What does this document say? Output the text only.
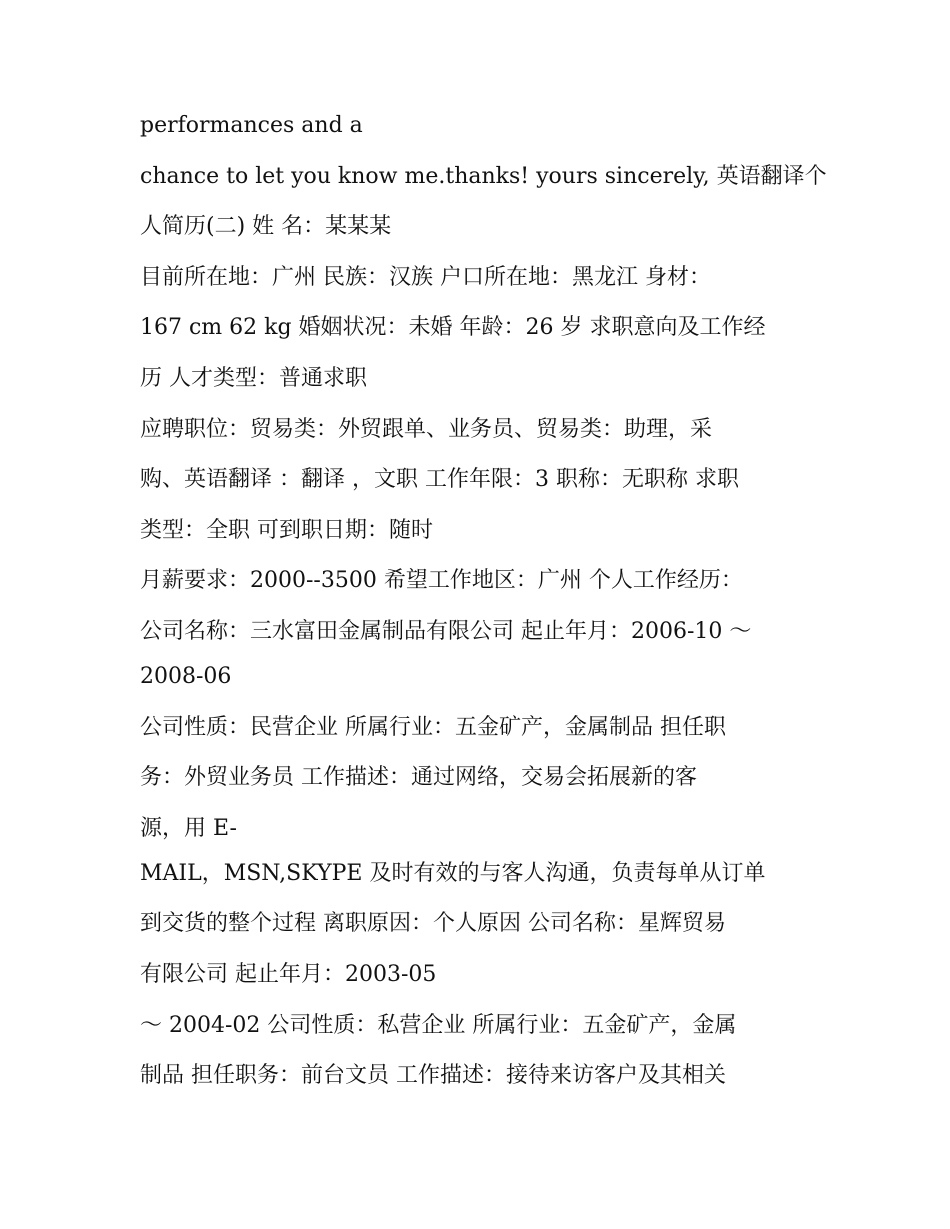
performances and a
chance to let you know me.thanks! yours sincerely, 英语翻译个
人简历(二) 姓 名：某某某
目前所在地：广州 民族：汉族 户口所在地：黑龙江 身材：
167 cm 62 kg 婚姻状况：未婚 年龄：26 岁 求职意向及工作经
历 人才类型：普通求职
应聘职位：贸易类：外贸跟单、业务员、贸易类：助理，采
购、英语翻译 ：翻译 ，文职 工作年限：3 职称：无职称 求职
类型：全职 可到职日期：随时
月薪要求：2000--3500 希望工作地区：广州 个人工作经历：
公司名称：三水富田金属制品有限公司 起止年月：2006-10 ～
2008-06
公司性质：民营企业 所属行业：五金矿产，金属制品 担任职
务：外贸业务员 工作描述：通过网络，交易会拓展新的客
源，用 E-
MAIL，MSN,SKYPE 及时有效的与客人沟通，负责每单从订单
到交货的整个过程 离职原因：个人原因 公司名称：星辉贸易
有限公司 起止年月：2003-05
～ 2004-02 公司性质：私营企业 所属行业：五金矿产，金属
制品 担任职务：前台文员 工作描述：接待来访客户及其相关
